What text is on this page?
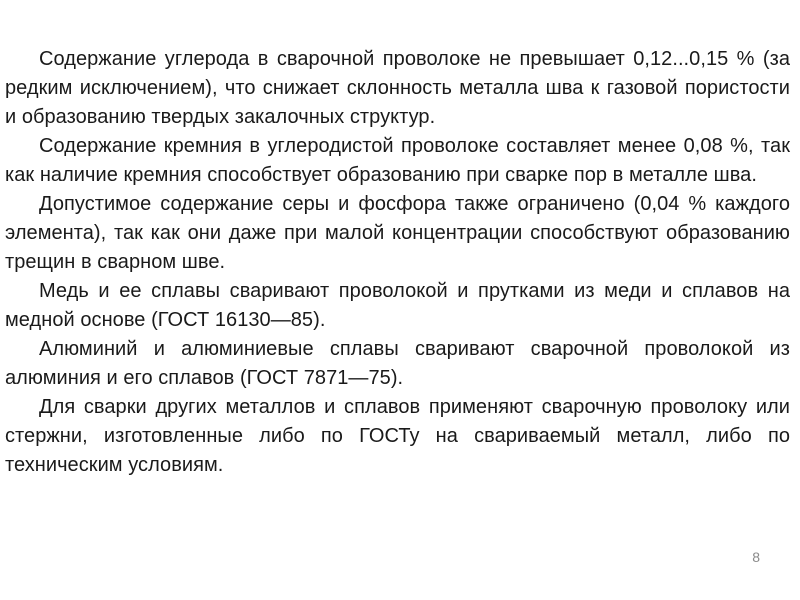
Содержание углерода в сварочной проволоке не превышает 0,12...0,15 % (за редким исключением), что снижает склонность металла шва к газовой пористости и образованию твердых закалочных структур.

Содержание кремния в углеродистой проволоке составляет менее 0,08 %, так как наличие кремния способствует образованию при сварке пор в металле шва.

Допустимое содержание серы и фосфора также ограничено (0,04 % каждого элемента), так как они даже при малой концентрации способствуют образованию трещин в сварном шве.

Медь и ее сплавы сваривают проволокой и прутками из меди и сплавов на медной основе (ГОСТ 16130—85).

Алюминий и алюминиевые сплавы сваривают сварочной проволокой из алюминия и его сплавов (ГОСТ 7871—75).

Для сварки других металлов и сплавов применяют сварочную проволоку или стержни, изготовленные либо по ГОСТу на свариваемый металл, либо по техническим условиям.

8
